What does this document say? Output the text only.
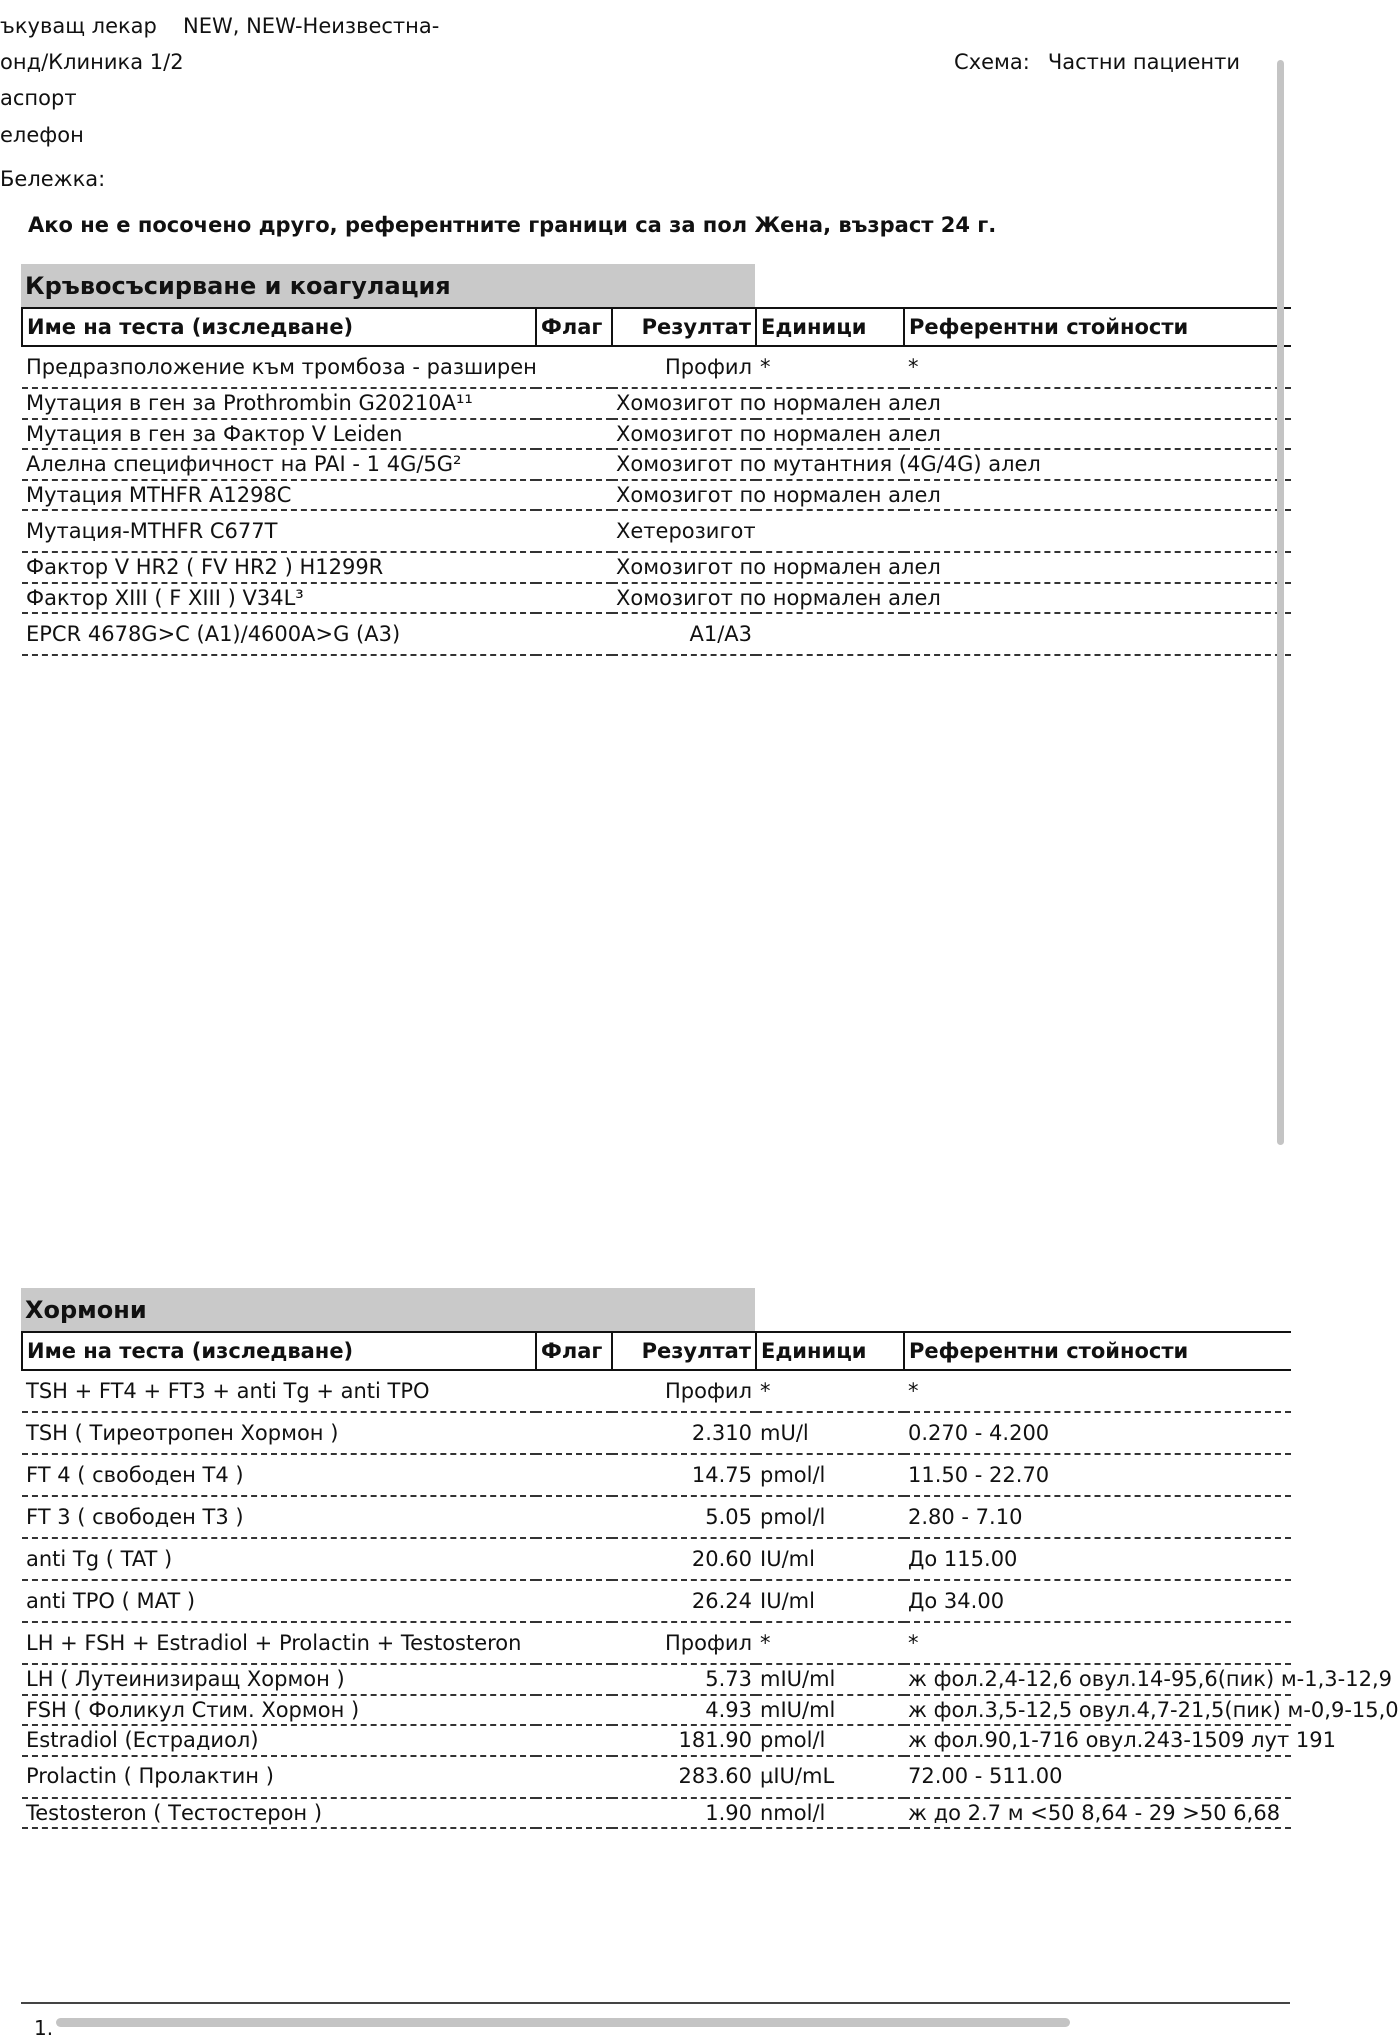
ъкуващ лекар NEW, NEW-Неизвестна-
онд/Клиника 1/2	Схема: Частни пациенти
аспорт
елефон
Бележка:
Ако не е посочено друго, референтните граници са за пол Жена, възраст 24 г.
Кръвосъсирване и коагулация
Име на теста (изследване)	Флаг	Резултат	Единици	Референтни стойности
Предразположение към тромбоза - разширен		Профил	*	*
Мутация в ген за Prothrombin G20210A¹¹		Хомозигот по нормален алел		
Мутация в ген за Фактор V Leiden		Хомозигот по нормален алел		
Алелна специфичност на PAI - 1 4G/5G²		Хомозигот по мутантния (4G/4G) алел		
Мутация MTHFR A1298C		Хомозигот по нормален алел		
Мутация-MTHFR C677T		Хетерозигот		
Фактор V HR2 ( FV HR2 ) H1299R		Хомозигот по нормален алел		
Фактор XIII ( F XIII ) V34L³		Хомозигот по нормален алел		
EPCR 4678G>C (A1)/4600A>G (A3)		A1/A3		
Хормони
Име на теста (изследване)	Флаг	Резултат	Единици	Референтни стойности
TSH + FT4 + FT3 + anti Tg + anti TPO		Профил	*	*
TSH ( Тиреотропен Хормон )		2.310	mU/l	0.270 - 4.200
FT 4 ( свободен T4 )		14.75	pmol/l	11.50 - 22.70
FT 3 ( свободен T3 )		5.05	pmol/l	2.80 - 7.10
anti Tg ( TAT )		20.60	IU/ml	До 115.00
anti TPO ( MAT )		26.24	IU/ml	До 34.00
LH + FSH + Estradiol + Prolactin + Testosteron		Профил	*	*
LH ( Лутеинизиращ Хормон )		5.73	mIU/ml	ж фол.2,4-12,6 овул.14-95,6(пик) м-1,3-12,9
FSH ( Фоликул Стим. Хормон )		4.93	mIU/ml	ж фол.3,5-12,5 овул.4,7-21,5(пик) м-0,9-15,0
Estradiol (Естрадиол)		181.90	pmol/l	ж фол.90,1-716 овул.243-1509 лут 191
Prolactin ( Пролактин )		283.60	µIU/mL	72.00 - 511.00
Testosteron ( Тестостерон )		1.90	nmol/l	ж до 2.7 м <50 8,64 - 29 >50 6,68
1.
